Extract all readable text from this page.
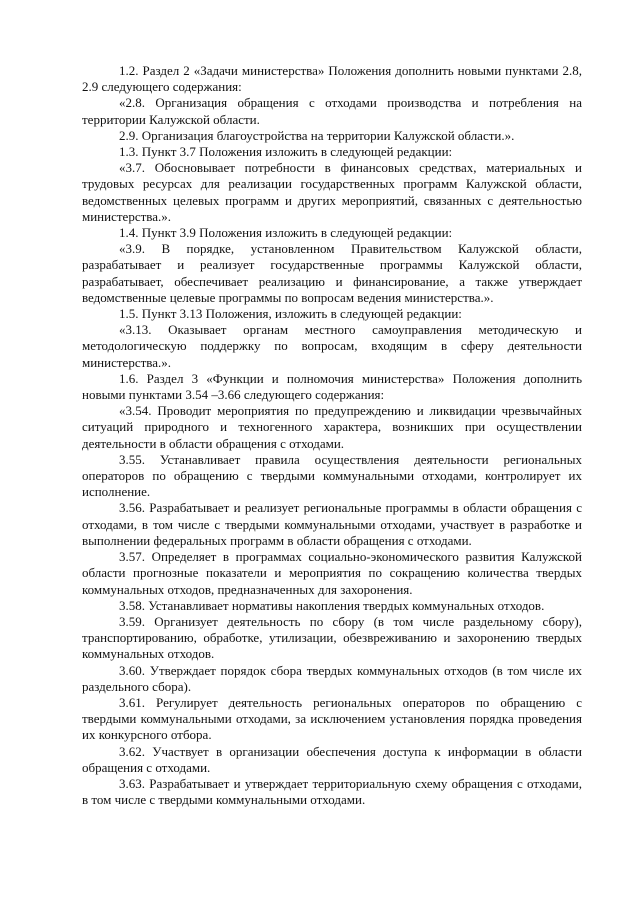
1.2. Раздел 2 «Задачи министерства» Положения дополнить новыми пунктами 2.8, 2.9 следующего содержания:

«2.8. Организация обращения с отходами производства и потребления на территории Калужской области.

2.9. Организация благоустройства на территории Калужской области.».

1.3. Пункт 3.7 Положения изложить в следующей редакции:

«3.7. Обосновывает потребности в финансовых средствах, материальных и трудовых ресурсах для реализации государственных программ Калужской области, ведомственных целевых программ и других мероприятий, связанных с деятельностью министерства.».

1.4. Пункт 3.9 Положения изложить в следующей редакции:

«3.9. В порядке, установленном Правительством Калужской области, разрабатывает и реализует государственные программы Калужской области, разрабатывает, обеспечивает реализацию и финансирование, а также утверждает ведомственные целевые программы по вопросам ведения министерства.».

1.5. Пункт 3.13 Положения, изложить в следующей редакции:

«3.13. Оказывает органам местного самоуправления методическую и методологическую поддержку по вопросам, входящим в сферу деятельности министерства.».

1.6. Раздел 3 «Функции и полномочия министерства» Положения дополнить новыми пунктами 3.54 –3.66 следующего содержания:

«3.54. Проводит мероприятия по предупреждению и ликвидации чрезвычайных ситуаций природного и техногенного характера, возникших при осуществлении деятельности в области обращения с отходами.

3.55. Устанавливает правила осуществления деятельности региональных операторов по обращению с твердыми коммунальными отходами, контролирует их исполнение.

3.56. Разрабатывает и реализует региональные программы в области обращения с отходами, в том числе с твердыми коммунальными отходами, участвует в разработке и выполнении федеральных программ в области обращения с отходами.

3.57. Определяет в программах социально-экономического развития Калужской области прогнозные показатели и мероприятия по сокращению количества твердых коммунальных отходов, предназначенных для захоронения.

3.58. Устанавливает нормативы накопления твердых коммунальных отходов.

3.59. Организует деятельность по сбору (в том числе раздельному сбору), транспортированию, обработке, утилизации, обезвреживанию и захоронению твердых коммунальных отходов.

3.60. Утверждает порядок сбора твердых коммунальных отходов (в том числе их раздельного сбора).

3.61. Регулирует деятельность региональных операторов по обращению с твердыми коммунальными отходами, за исключением установления порядка проведения их конкурсного отбора.

3.62. Участвует в организации обеспечения доступа к информации в области обращения с отходами.

3.63. Разрабатывает и утверждает территориальную схему обращения с отходами, в том числе с твердыми коммунальными отходами.
